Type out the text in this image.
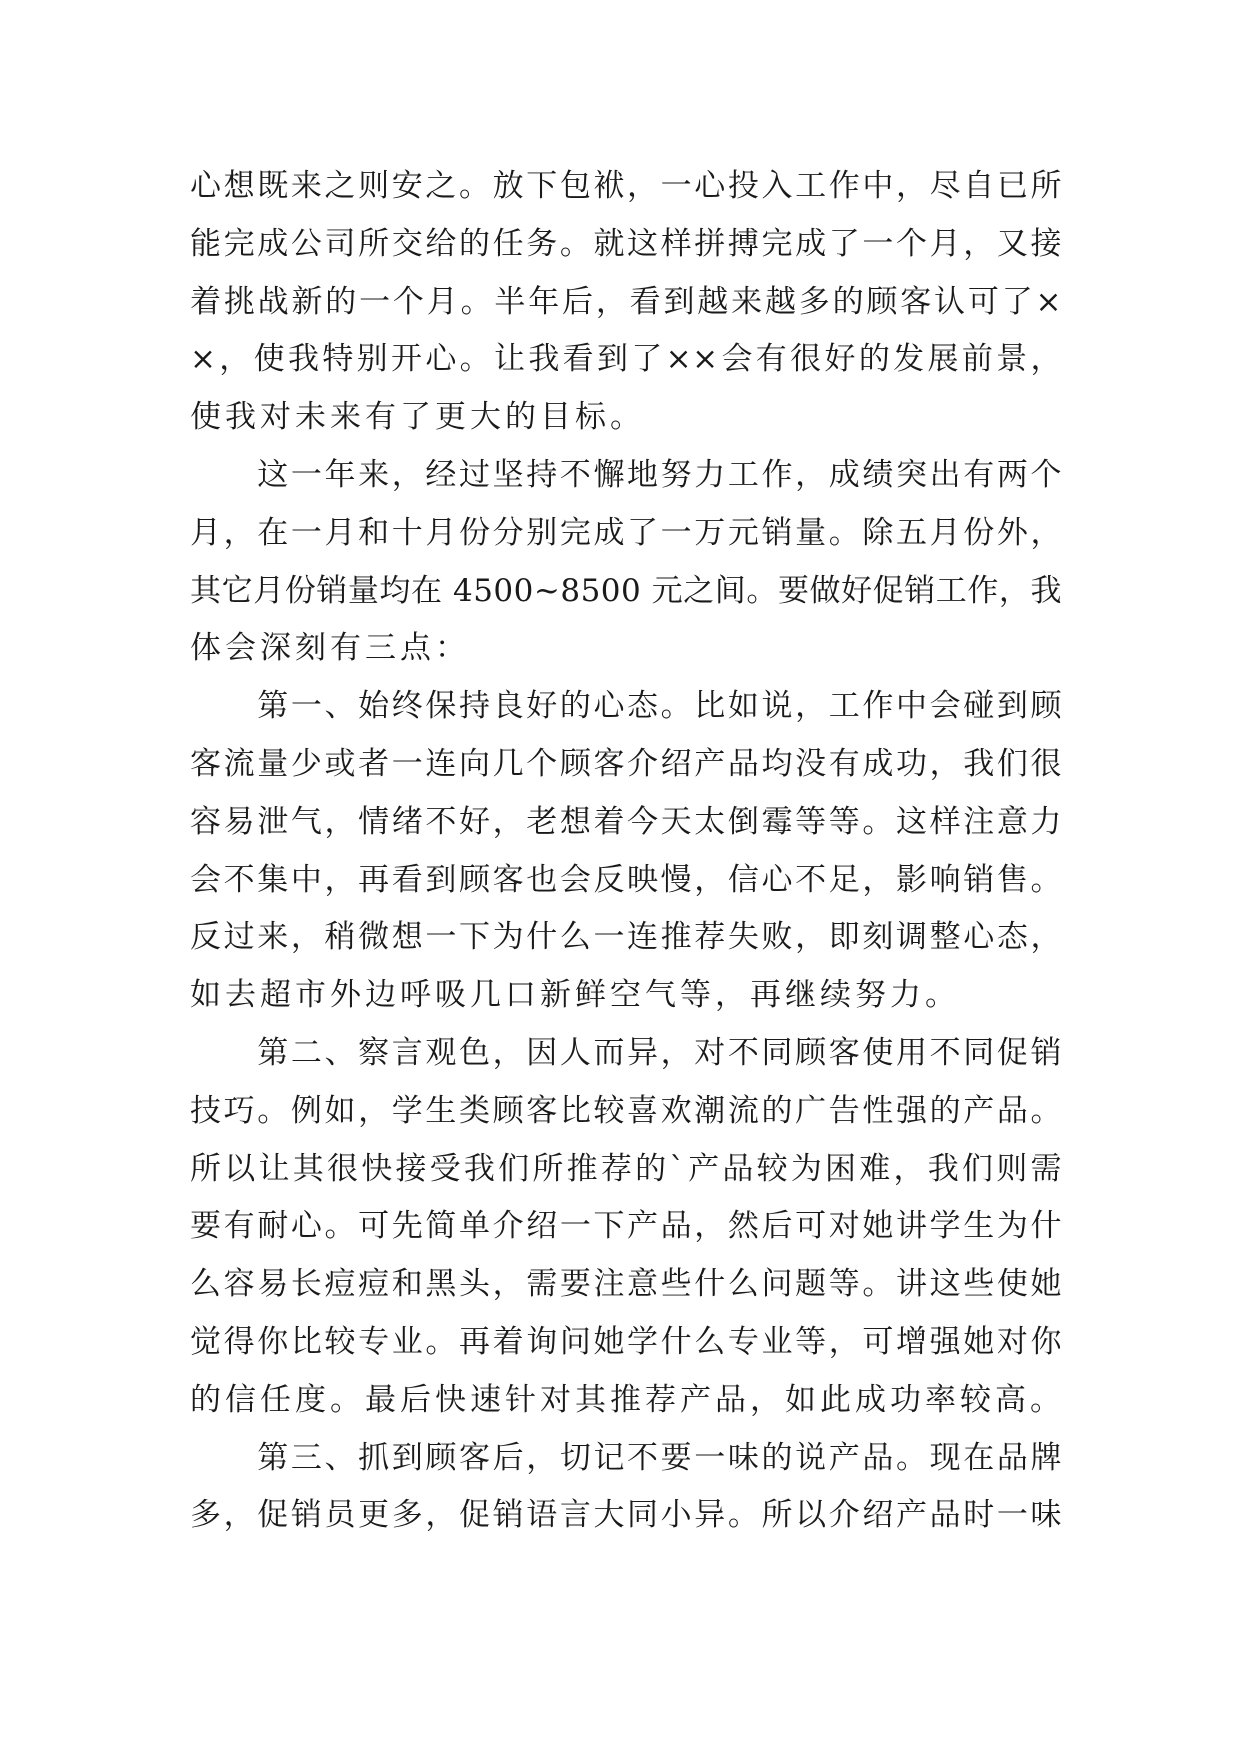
心想既来之则安之。放下包袱，一心投入工作中，尽自已所
能完成公司所交给的任务。就这样拼搏完成了一个月，又接
着挑战新的一个月。半年后，看到越来越多的顾客认可了×
×，使我特别开心。让我看到了××会有很好的发展前景，
使我对未来有了更大的目标。
　　这一年来，经过坚持不懈地努力工作，成绩突出有两个
月，在一月和十月份分别完成了一万元销量。除五月份外，
其它月份销量均在 4500~8500 元之间。要做好促销工作，我
体会深刻有三点：
　　第一、始终保持良好的心态。比如说，工作中会碰到顾
客流量少或者一连向几个顾客介绍产品均没有成功，我们很
容易泄气，情绪不好，老想着今天太倒霉等等。这样注意力
会不集中，再看到顾客也会反映慢，信心不足，影响销售。
反过来，稍微想一下为什么一连推荐失败，即刻调整心态，
如去超市外边呼吸几口新鲜空气等，再继续努力。
　　第二、察言观色，因人而异，对不同顾客使用不同促销
技巧。例如，学生类顾客比较喜欢潮流的广告性强的产品。
所以让其很快接受我们所推荐的`产品较为困难，我们则需
要有耐心。可先简单介绍一下产品，然后可对她讲学生为什
么容易长痘痘和黑头，需要注意些什么问题等。讲这些使她
觉得你比较专业。再着询问她学什么专业等，可增强她对你
的信任度。最后快速针对其推荐产品，如此成功率较高。
　　第三、抓到顾客后，切记不要一味的说产品。现在品牌
多，促销员更多，促销语言大同小异。所以介绍产品时一味
